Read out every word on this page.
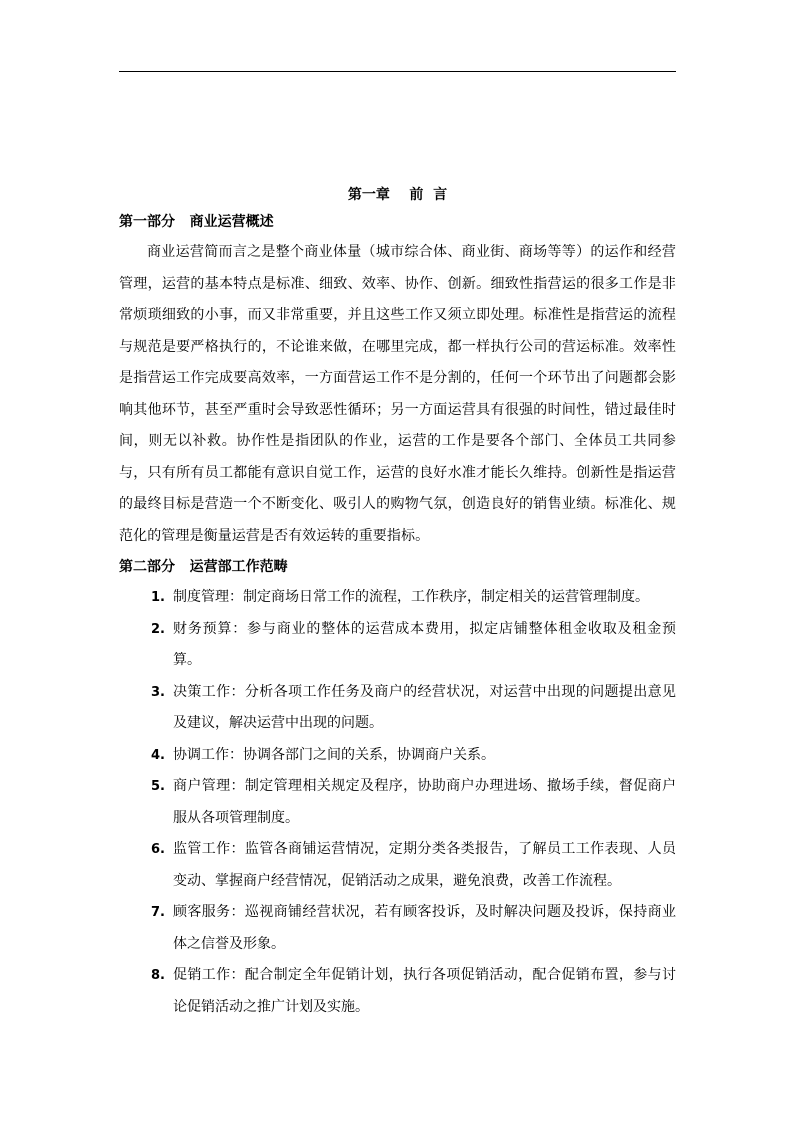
第一章    前  言
第一部分   商业运营概述

商业运营简而言之是整个商业体量（城市综合体、商业街、商场等等）的运作和经营管理，运营的基本特点是标准、细致、效率、协作、创新。细致性指营运的很多工作是非常烦琐细致的小事，而又非常重要，并且这些工作又须立即处理。标准性是指营运的流程与规范是要严格执行的，不论谁来做，在哪里完成，都一样执行公司的营运标准。效率性是指营运工作完成要高效率，一方面营运工作不是分割的，任何一个环节出了问题都会影响其他环节，甚至严重时会导致恶性循环；另一方面运营具有很强的时间性，错过最佳时间，则无以补救。协作性是指团队的作业，运营的工作是要各个部门、全体员工共同参与，只有所有员工都能有意识自觉工作，运营的良好水准才能长久维持。创新性是指运营的最终目标是营造一个不断变化、吸引人的购物气氛，创造良好的销售业绩。标准化、规范化的管理是衡量运营是否有效运转的重要指标。

第二部分   运营部工作范畴
1. 制度管理：制定商场日常工作的流程，工作秩序，制定相关的运营管理制度。
2. 财务预算：参与商业的整体的运营成本费用，拟定店铺整体租金收取及租金预算。
3. 决策工作：分析各项工作任务及商户的经营状况，对运营中出现的问题提出意见及建议，解决运营中出现的问题。
4. 协调工作：协调各部门之间的关系，协调商户关系。
5. 商户管理：制定管理相关规定及程序，协助商户办理进场、撤场手续，督促商户服从各项管理制度。
6. 监管工作：监管各商铺运营情况，定期分类各类报告，了解员工工作表现、人员变动、掌握商户经营情况，促销活动之成果，避免浪费，改善工作流程。
7. 顾客服务：巡视商铺经营状况，若有顾客投诉，及时解决问题及投诉，保持商业体之信誉及形象。
8. 促销工作：配合制定全年促销计划，执行各项促销活动，配合促销布置，参与讨论促销活动之推广计划及实施。
